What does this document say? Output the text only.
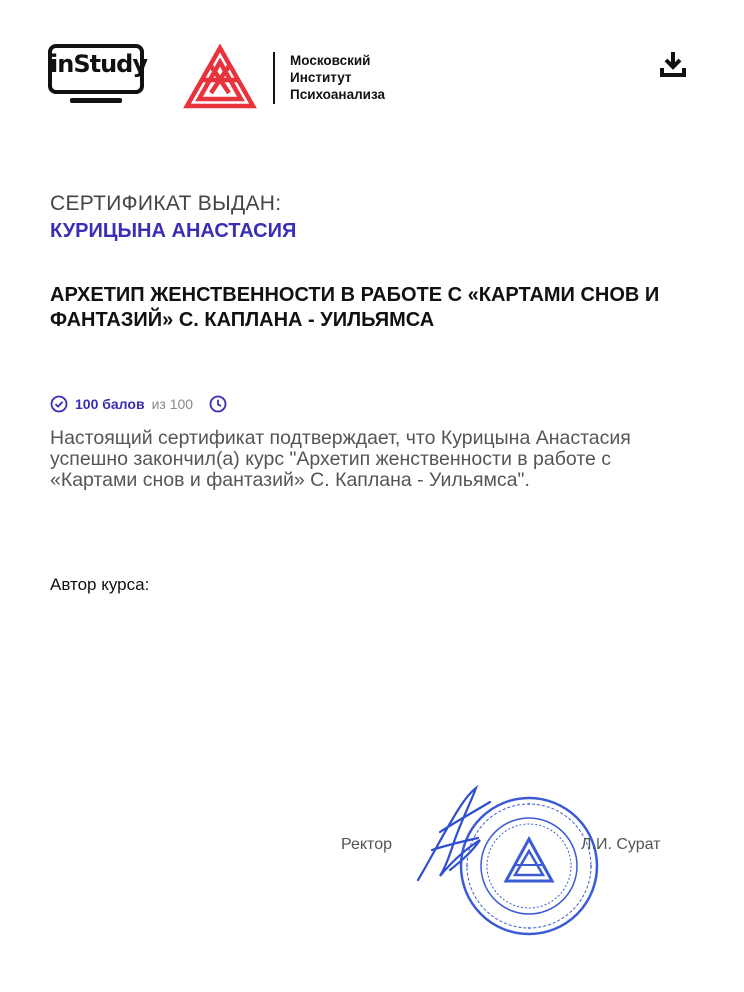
inStudy	Московский
Институт
Психоанализа
СЕРТИФИКАТ ВЫДАН:
КУРИЦЫНА АНАСТАСИЯ
АРХЕТИП ЖЕНСТВЕННОСТИ В РАБОТЕ С «КАРТАМИ СНОВ И ФАНТАЗИЙ» С. КАПЛАНА - УИЛЬЯМСА
100 балов из 100
Настоящий сертификат подтверждает, что Курицына Анастасия успешно закончил(а) курс "Архетип женственности в работе с «Картами снов и фантазий» С. Каплана - Уильямса".
Автор курса:
Ректор	Л.И. Сурат
